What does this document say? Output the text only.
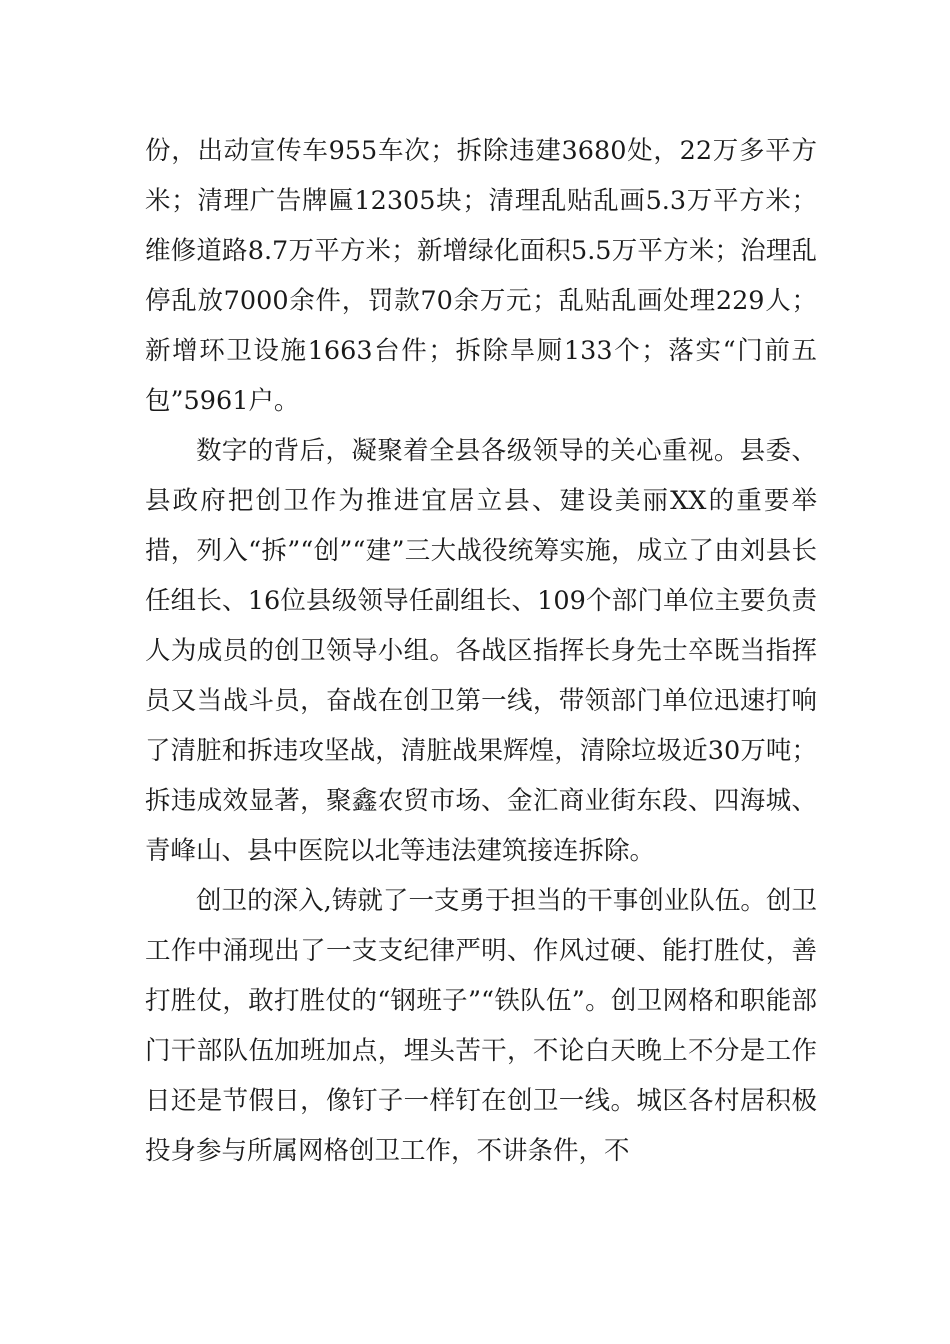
份，出动宣传车955车次；拆除违建3680处，22万多平方米；清理广告牌匾12305块；清理乱贴乱画5.3万平方米；维修道路8.7万平方米；新增绿化面积5.5万平方米；治理乱停乱放7000余件，罚款70余万元；乱贴乱画处理229人；新增环卫设施1663台件；拆除旱厕133个；落实“门前五包”5961户。

数字的背后，凝聚着全县各级领导的关心重视。县委、县政府把创卫作为推进宜居立县、建设美丽XX的重要举措，列入“拆”“创”“建”三大战役统筹实施，成立了由刘县长任组长、16位县级领导任副组长、109个部门单位主要负责人为成员的创卫领导小组。各战区指挥长身先士卒既当指挥员又当战斗员，奋战在创卫第一线，带领部门单位迅速打响了清脏和拆违攻坚战，清脏战果辉煌，清除垃圾近30万吨；拆违成效显著，聚鑫农贸市场、金汇商业街东段、四海城、青峰山、县中医院以北等违法建筑接连拆除。

创卫的深入,铸就了一支勇于担当的干事创业队伍。创卫工作中涌现出了一支支纪律严明、作风过硬、能打胜仗，善打胜仗，敢打胜仗的“钢班子”“铁队伍”。创卫网格和职能部门干部队伍加班加点，埋头苦干，不论白天晚上不分是工作日还是节假日，像钉子一样钉在创卫一线。城区各村居积极投身参与所属网格创卫工作，不讲条件，不
